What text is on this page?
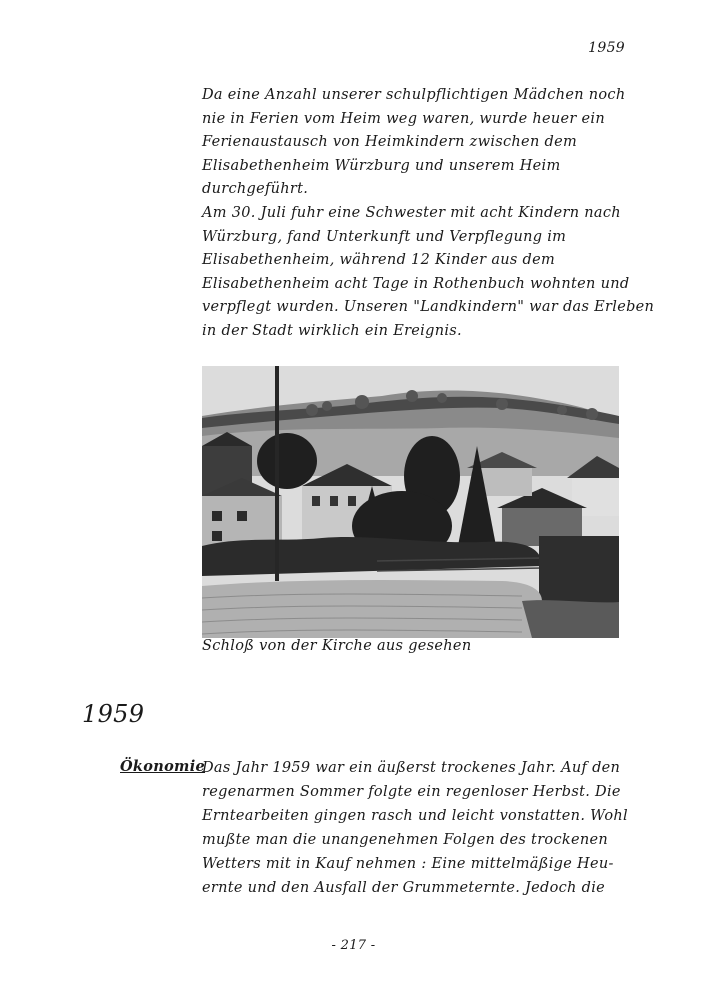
1959
Da eine Anzahl unserer schulpflichtigen Mädchen noch
nie in Ferien vom Heim weg waren, wurde heuer ein
Ferienaustausch von Heimkindern zwischen dem
Elisabethenheim Würzburg und unserem Heim
durchgeführt.
Am 30. Juli fuhr eine Schwester mit acht Kindern nach
Würzburg, fand Unterkunft und Verpflegung im
Elisabethenheim, während 12 Kinder aus dem
Elisabethenheim acht Tage in Rothenbuch wohnten und
verpflegt wurden. Unseren "Landkindern" war das Erleben
in der Stadt wirklich ein Ereignis.
Schloß von der Kirche aus gesehen
1959
Ökonomie
Das Jahr 1959 war ein äußerst trockenes Jahr. Auf den
regenarmen Sommer folgte ein regenloser Herbst. Die
Erntearbeiten gingen rasch und leicht vonstatten. Wohl
mußte man die unangenehmen Folgen des trockenen
Wetters mit in Kauf nehmen : Eine mittelmäßige Heu-
ernte und den Ausfall der Grummeternte. Jedoch die
- 217 -
